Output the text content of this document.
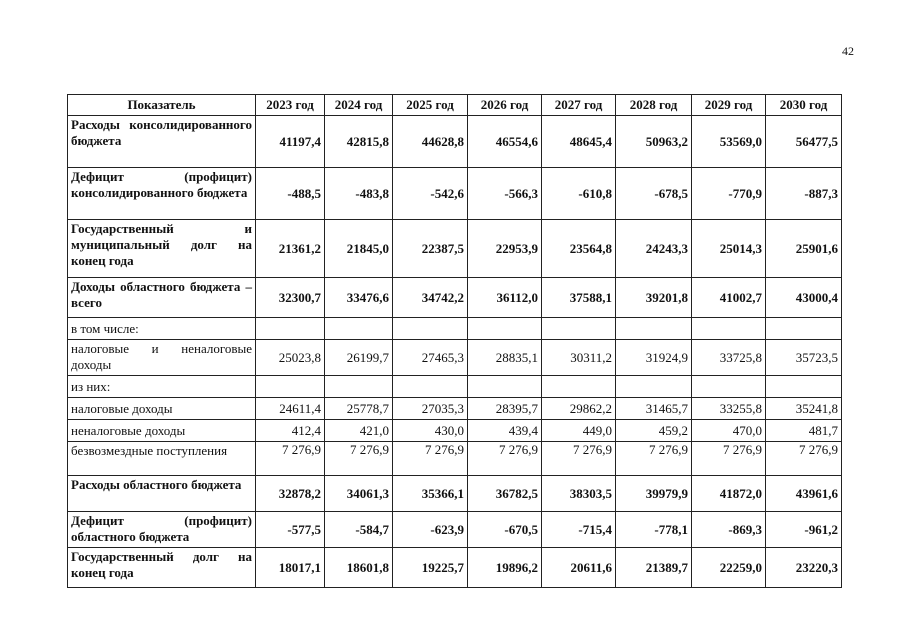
42
Показатель	2023 год	2024 год	2025 год	2026 год	2027 год	2028 год	2029 год	2030 год
Расходы консолидированного бюджета	41197,4	42815,8	44628,8	46554,6	48645,4	50963,2	53569,0	56477,5
Дефицит (профицит) консолидированного бюджета	-488,5	-483,8	-542,6	-566,3	-610,8	-678,5	-770,9	-887,3
Государственный и муниципальный долг на конец года	21361,2	21845,0	22387,5	22953,9	23564,8	24243,3	25014,3	25901,6
Доходы областного бюджета – всего	32300,7	33476,6	34742,2	36112,0	37588,1	39201,8	41002,7	43000,4
в том числе:								
налоговые и неналоговые доходы	25023,8	26199,7	27465,3	28835,1	30311,2	31924,9	33725,8	35723,5
из них:								
налоговые доходы	24611,4	25778,7	27035,3	28395,7	29862,2	31465,7	33255,8	35241,8
неналоговые доходы	412,4	421,0	430,0	439,4	449,0	459,2	470,0	481,7
безвозмездные поступления	7 276,9	7 276,9	7 276,9	7 276,9	7 276,9	7 276,9	7 276,9	7 276,9
Расходы областного бюджета	32878,2	34061,3	35366,1	36782,5	38303,5	39979,9	41872,0	43961,6
Дефицит (профицит) областного бюджета	-577,5	-584,7	-623,9	-670,5	-715,4	-778,1	-869,3	-961,2
Государственный долг на конец года	18017,1	18601,8	19225,7	19896,2	20611,6	21389,7	22259,0	23220,3
